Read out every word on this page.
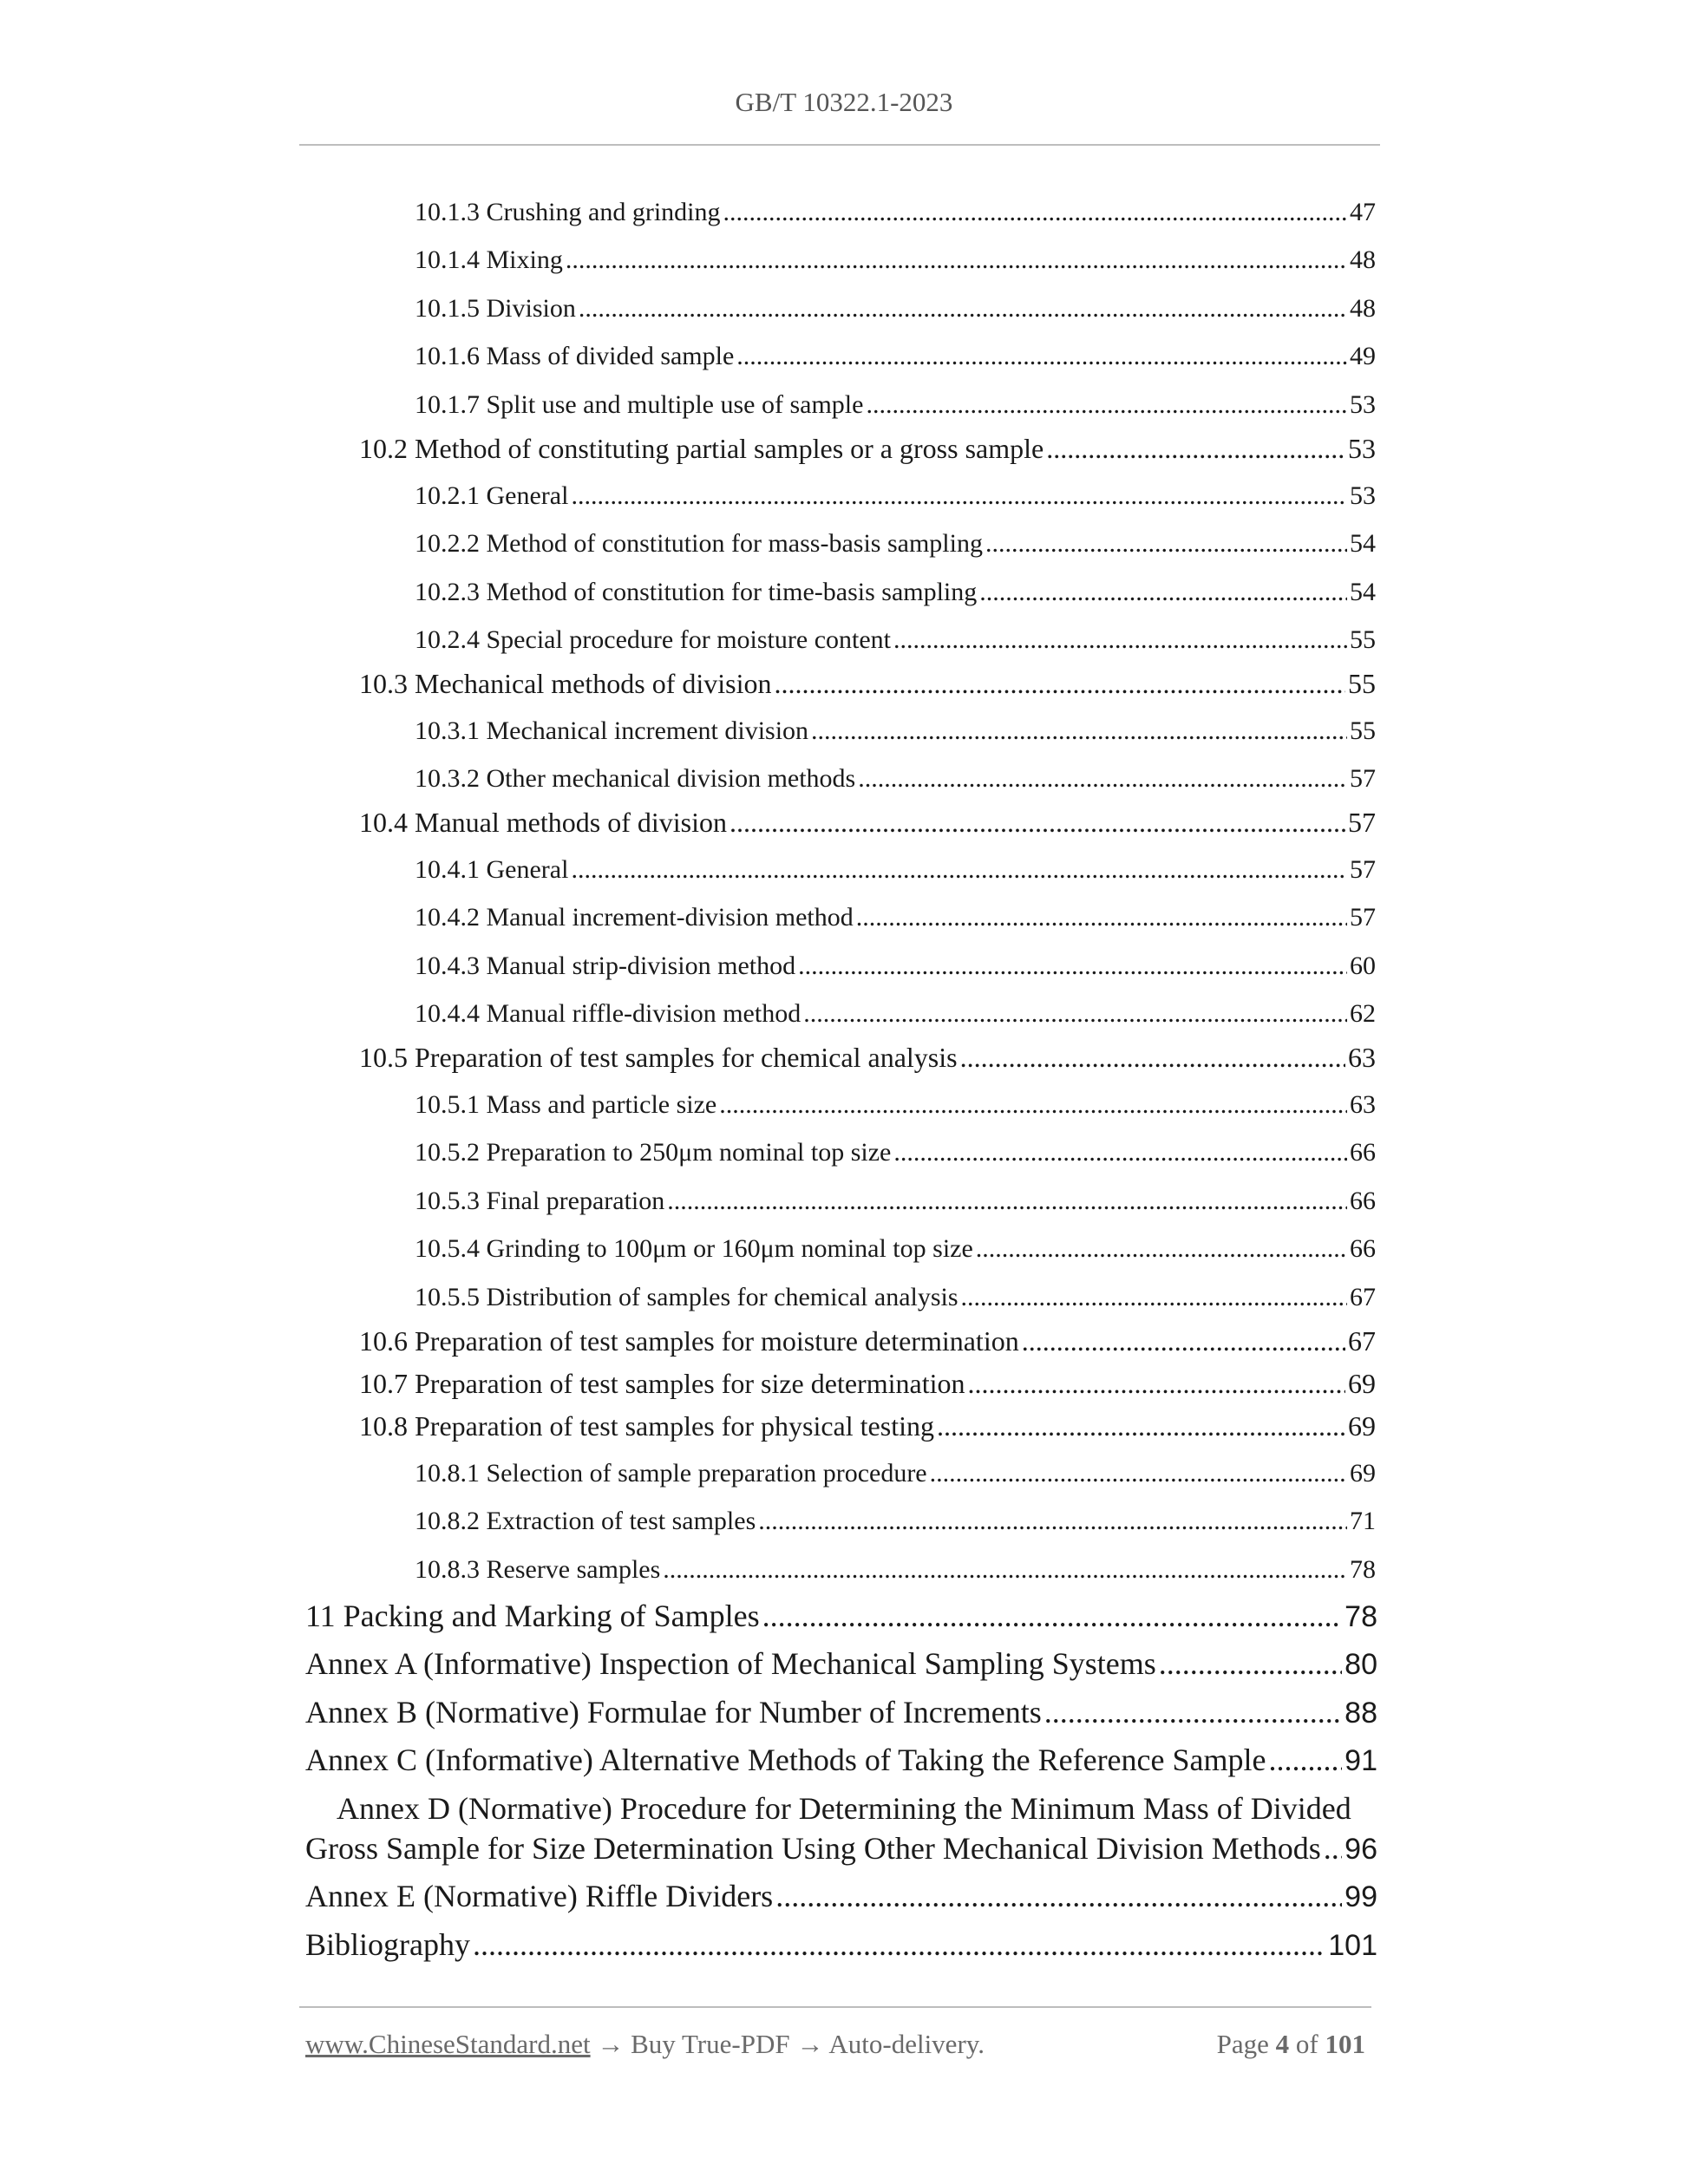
GB/T 10322.1-2023
10.1.3 Crushing and grinding .....	47
10.1.4 Mixing .....	48
10.1.5 Division .....	48
10.1.6 Mass of divided sample .....	49
10.1.7 Split use and multiple use of sample .....	53
10.2 Method of constituting partial samples or a gross sample .....	53
10.2.1 General .....	53
10.2.2 Method of constitution for mass-basis sampling .....	54
10.2.3 Method of constitution for time-basis sampling .....	54
10.2.4 Special procedure for moisture content .....	55
10.3 Mechanical methods of division .....	55
10.3.1 Mechanical increment division .....	55
10.3.2 Other mechanical division methods .....	57
10.4 Manual methods of division .....	57
10.4.1 General .....	57
10.4.2 Manual increment-division method .....	57
10.4.3 Manual strip-division method .....	60
10.4.4 Manual riffle-division method .....	62
10.5 Preparation of test samples for chemical analysis .....	63
10.5.1 Mass and particle size .....	63
10.5.2 Preparation to 250μm nominal top size .....	66
10.5.3 Final preparation .....	66
10.5.4 Grinding to 100μm or 160μm nominal top size .....	66
10.5.5 Distribution of samples for chemical analysis .....	67
10.6 Preparation of test samples for moisture determination .....	67
10.7 Preparation of test samples for size determination .....	69
10.8 Preparation of test samples for physical testing .....	69
10.8.1 Selection of sample preparation procedure .....	69
10.8.2 Extraction of test samples .....	71
10.8.3 Reserve samples .....	78
11 Packing and Marking of Samples .....	78
Annex A (Informative) Inspection of Mechanical Sampling Systems .....	80
Annex B (Normative) Formulae for Number of Increments .....	88
Annex C (Informative) Alternative Methods of Taking the Reference Sample .....	91
Annex D (Normative) Procedure for Determining the Minimum Mass of Divided
Gross Sample for Size Determination Using Other Mechanical Division Methods ..... 96
Annex E (Normative) Riffle Dividers .....	99
Bibliography .....	101
www.ChineseStandard.net → Buy True-PDF → Auto-delivery.	Page 4 of 101
